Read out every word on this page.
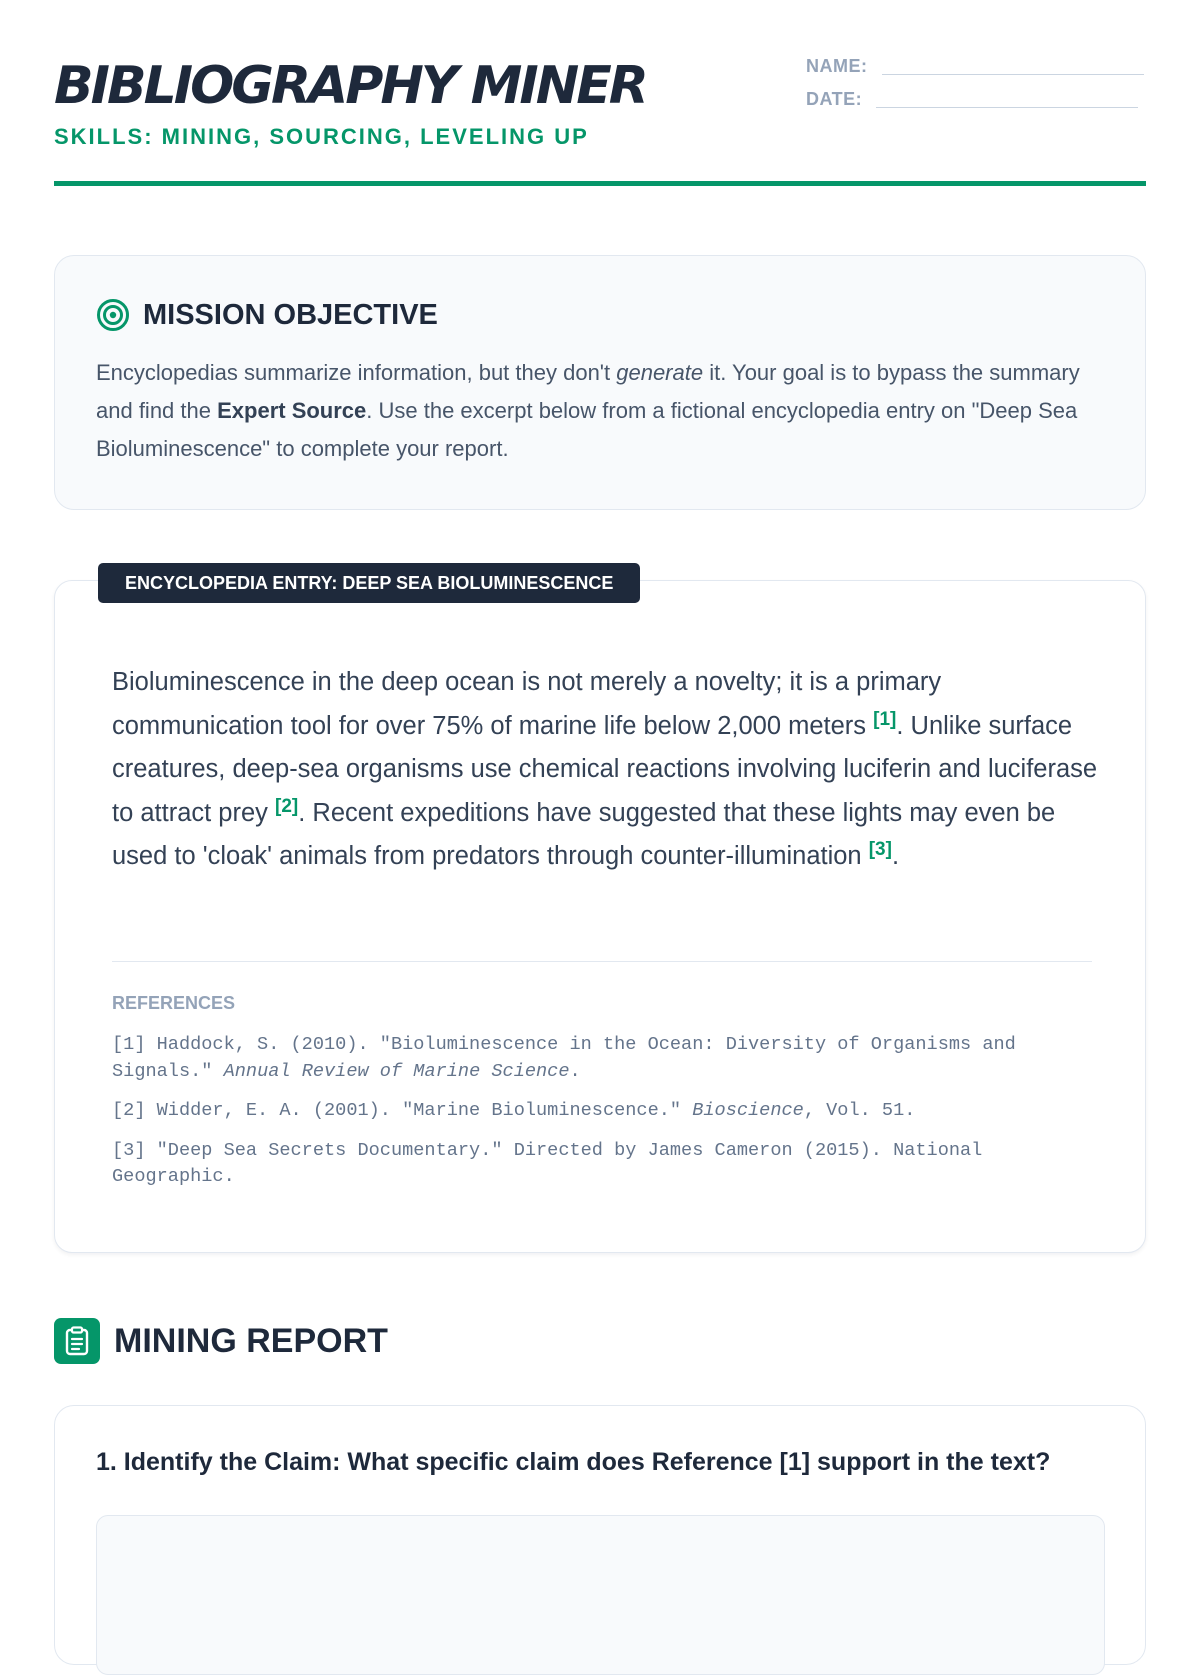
BIBLIOGRAPHY MINER
SKILLS: MINING, SOURCING, LEVELING UP
NAME:
DATE:
MISSION OBJECTIVE

Encyclopedias summarize information, but they don't generate it. Your goal is to bypass the summary and find the Expert Source. Use the excerpt below from a fictional encyclopedia entry on "Deep Sea Bioluminescence" to complete your report.

ENCYCLOPEDIA ENTRY: DEEP SEA BIOLUMINESCENCE

Bioluminescence in the deep ocean is not merely a novelty; it is a primary communication tool for over 75% of marine life below 2,000 meters [1]. Unlike surface creatures, deep-sea organisms use chemical reactions involving luciferin and luciferase to attract prey [2]. Recent expeditions have suggested that these lights may even be used to 'cloak' animals from predators through counter-illumination [3].

REFERENCES
[1] Haddock, S. (2010). "Bioluminescence in the Ocean: Diversity of Organisms and Signals." Annual Review of Marine Science.
[2] Widder, E. A. (2001). "Marine Bioluminescence." Bioscience, Vol. 51.
[3] "Deep Sea Secrets Documentary." Directed by James Cameron (2015). National Geographic.
MINING REPORT
1. Identify the Claim: What specific claim does Reference [1] support in the text?
